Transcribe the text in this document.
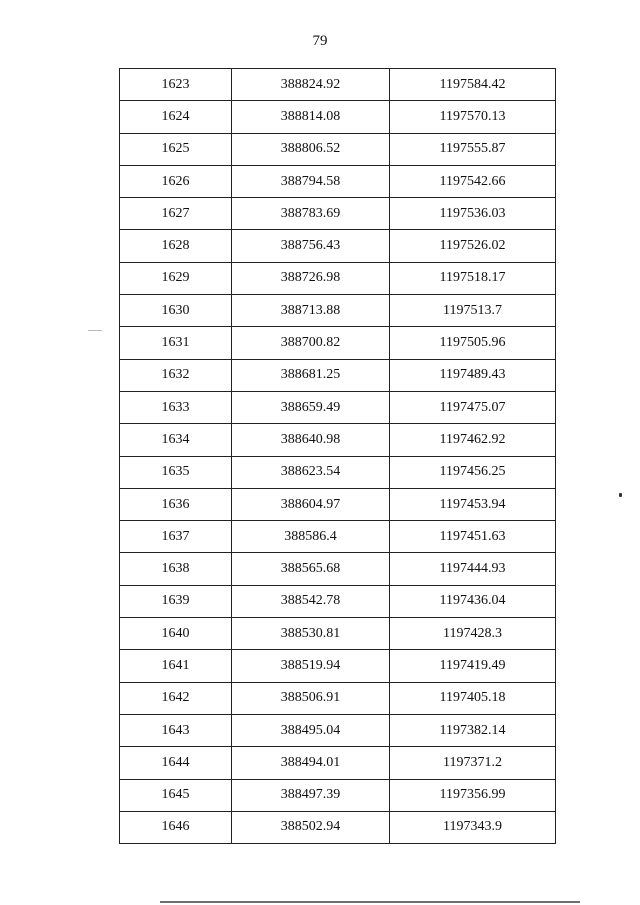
79
1623	388824.92	1197584.42
1624	388814.08	1197570.13
1625	388806.52	1197555.87
1626	388794.58	1197542.66
1627	388783.69	1197536.03
1628	388756.43	1197526.02
1629	388726.98	1197518.17
1630	388713.88	1197513.7
1631	388700.82	1197505.96
1632	388681.25	1197489.43
1633	388659.49	1197475.07
1634	388640.98	1197462.92
1635	388623.54	1197456.25
1636	388604.97	1197453.94
1637	388586.4	1197451.63
1638	388565.68	1197444.93
1639	388542.78	1197436.04
1640	388530.81	1197428.3
1641	388519.94	1197419.49
1642	388506.91	1197405.18
1643	388495.04	1197382.14
1644	388494.01	1197371.2
1645	388497.39	1197356.99
1646	388502.94	1197343.9
